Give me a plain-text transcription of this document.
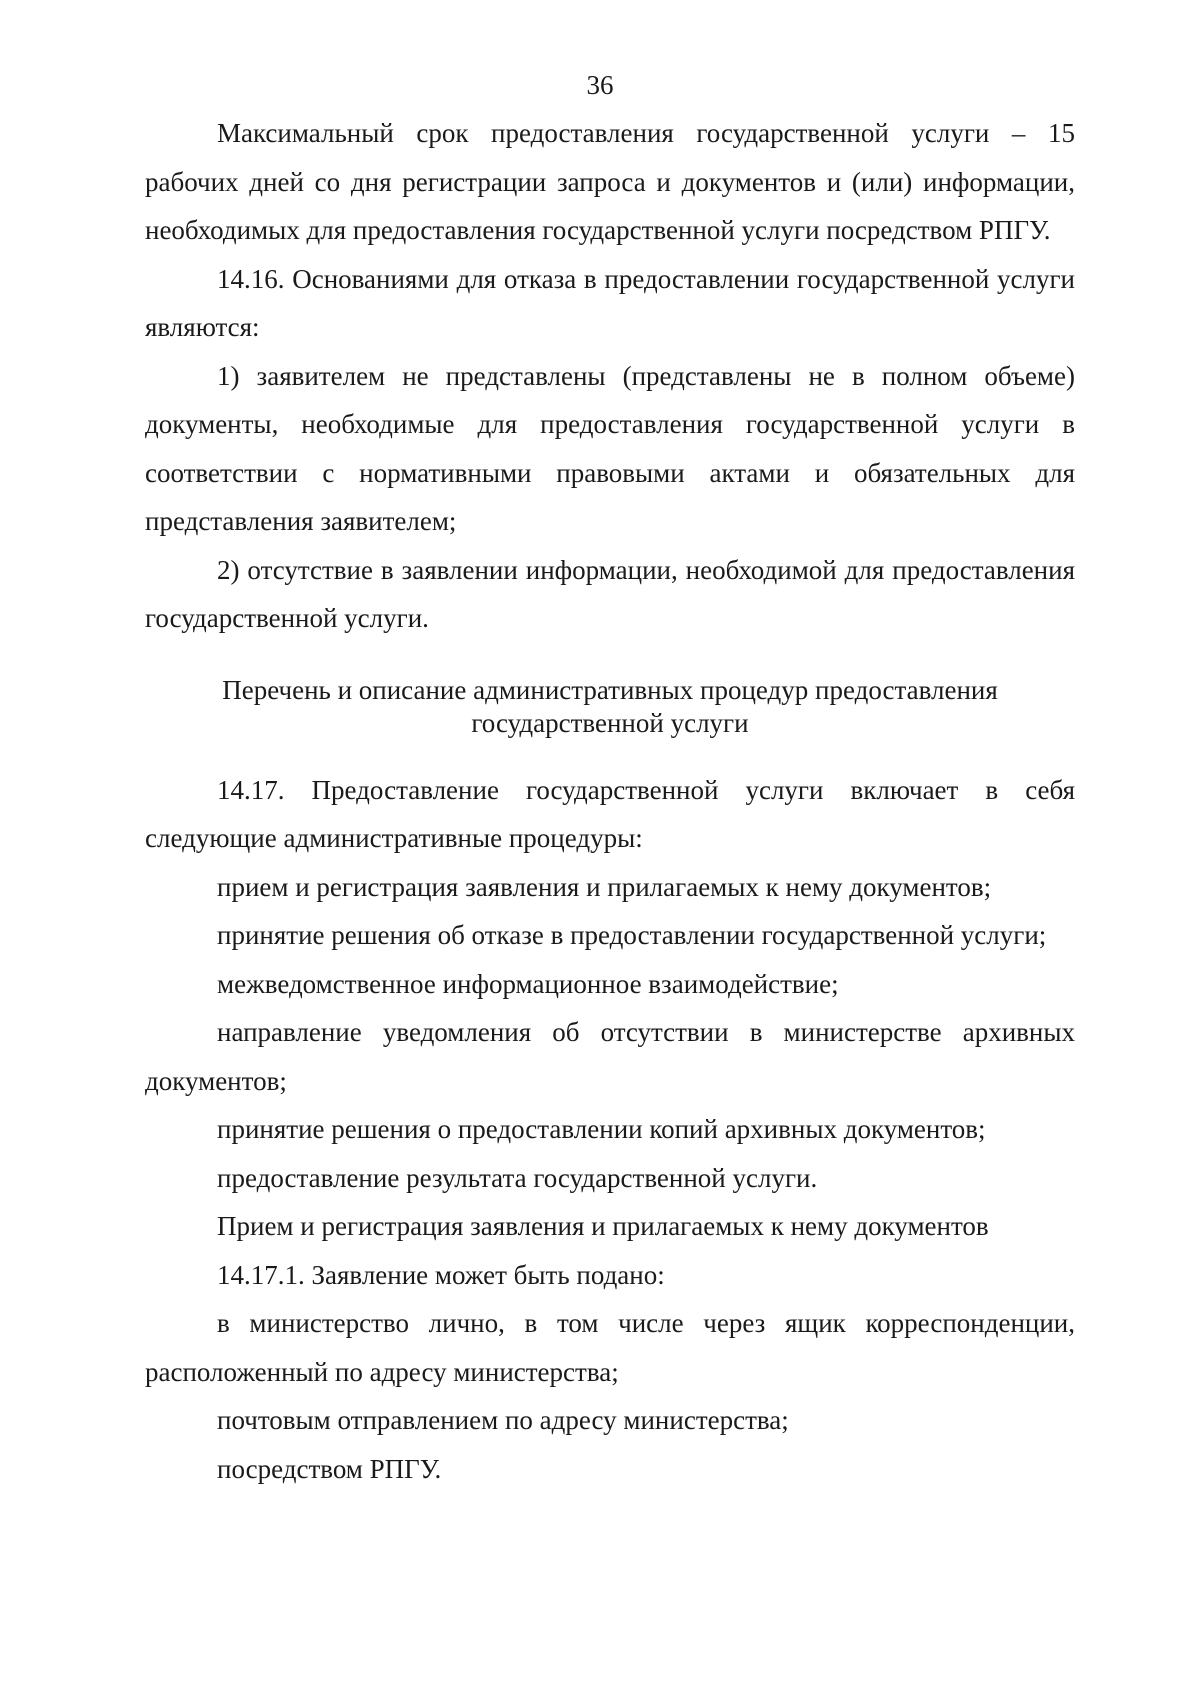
36

Максимальный срок предоставления государственной услуги – 15 рабочих дней со дня регистрации запроса и документов и (или) информации, необходимых для предоставления государственной услуги посредством РПГУ.

14.16. Основаниями для отказа в предоставлении государственной услуги являются:

1) заявителем не представлены (представлены не в полном объеме) документы, необходимые для предоставления государственной услуги в соответствии с нормативными правовыми актами и обязательных для представления заявителем;

2) отсутствие в заявлении информации, необходимой для предоставления государственной услуги.

Перечень и описание административных процедур предоставления
государственной услуги

14.17. Предоставление государственной услуги включает в себя следующие административные процедуры:

прием и регистрация заявления и прилагаемых к нему документов;

принятие решения об отказе в предоставлении государственной услуги;

межведомственное информационное взаимодействие;

направление уведомления об отсутствии в министерстве архивных документов;

принятие решения о предоставлении копий архивных документов;

предоставление результата государственной услуги.

Прием и регистрация заявления и прилагаемых к нему документов

14.17.1. Заявление может быть подано:

в министерство лично, в том числе через ящик корреспонденции, расположенный по адресу министерства;

почтовым отправлением по адресу министерства;

посредством РПГУ.
